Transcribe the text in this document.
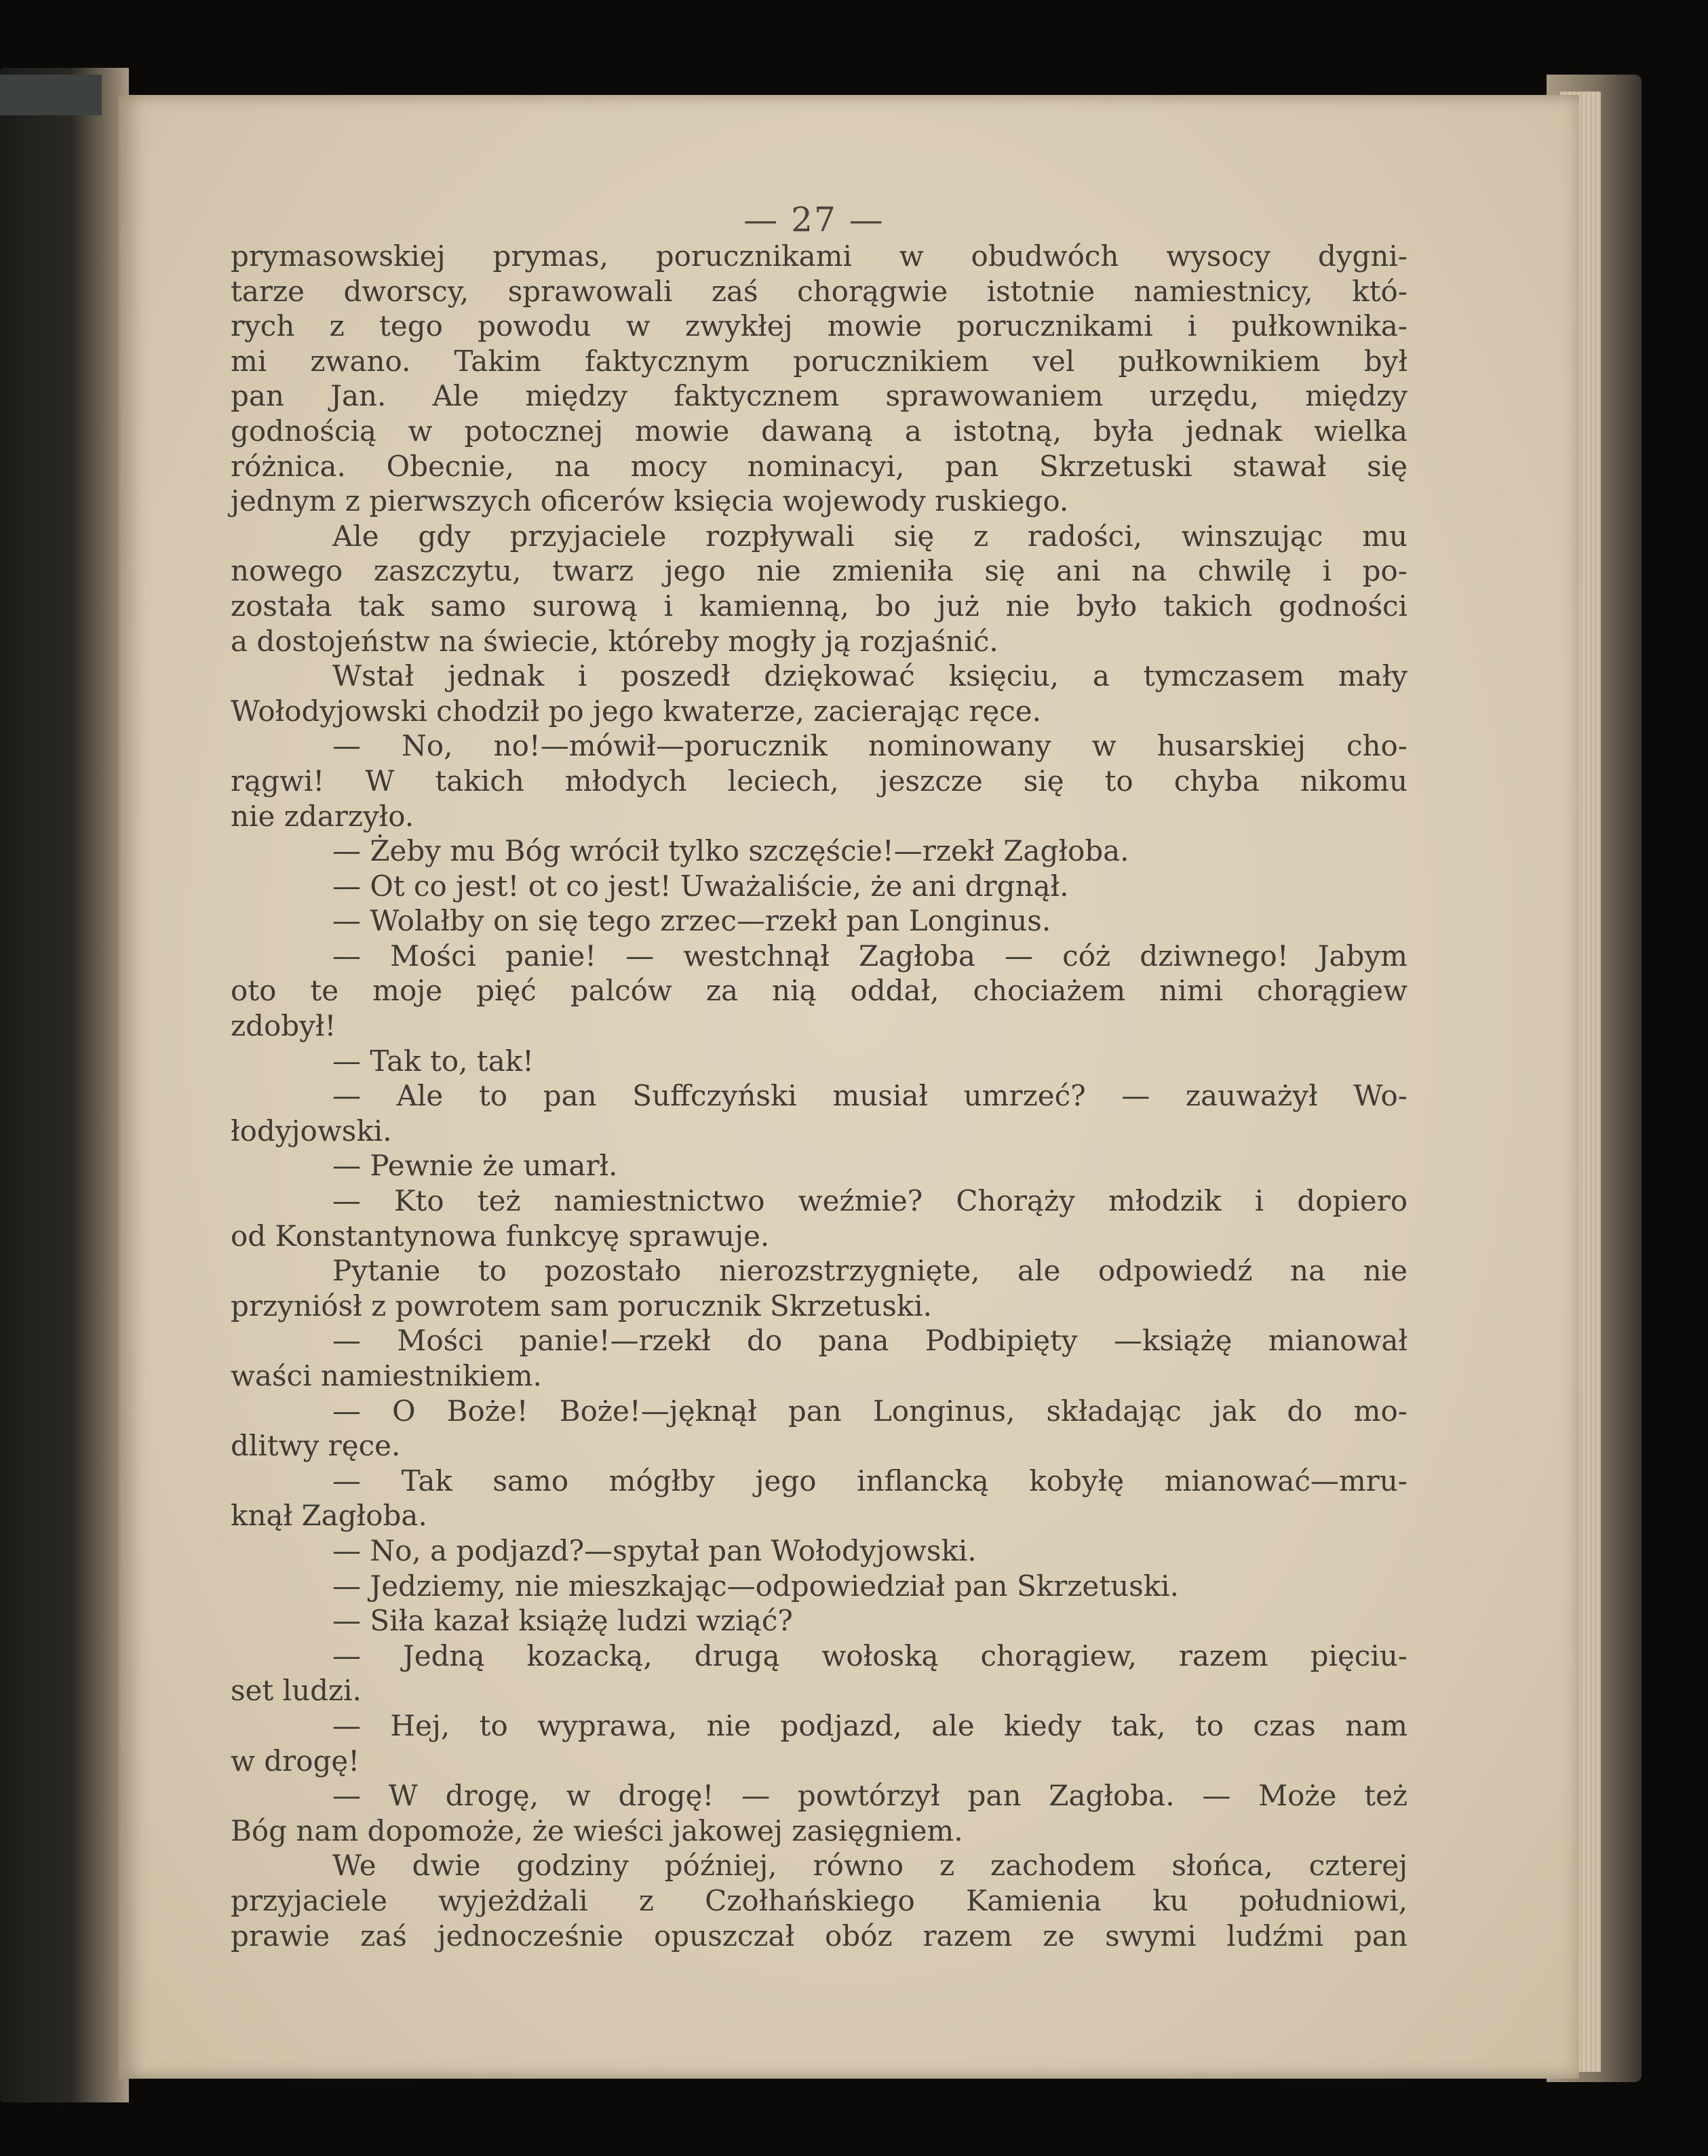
— 27 —
prymasowskiej prymas, porucznikami w obudwóch wysocy dygni-
tarze dworscy, sprawowali zaś chorągwie istotnie namiestnicy, któ-
rych z tego powodu w zwykłej mowie porucznikami i pułkownika-
mi zwano. Takim faktycznym porucznikiem vel pułkownikiem był
pan Jan. Ale między faktycznem sprawowaniem urzędu, między
godnością w potocznej mowie dawaną a istotną, była jednak wielka
różnica. Obecnie, na mocy nominacyi, pan Skrzetuski stawał się
jednym z pierwszych oficerów księcia wojewody ruskiego.
Ale gdy przyjaciele rozpływali się z radości, winszując mu
nowego zaszczytu, twarz jego nie zmieniła się ani na chwilę i po-
została tak samo surową i kamienną, bo już nie było takich godności
a dostojeństw na świecie, któreby mogły ją rozjaśnić.
Wstał jednak i poszedł dziękować księciu, a tymczasem mały
Wołodyjowski chodził po jego kwaterze, zacierając ręce.
— No, no!—mówił—porucznik nominowany w husarskiej cho-
rągwi! W takich młodych leciech, jeszcze się to chyba nikomu
nie zdarzyło.
— Żeby mu Bóg wrócił tylko szczęście!—rzekł Zagłoba.
— Ot co jest! ot co jest! Uważaliście, że ani drgnął.
— Wolałby on się tego zrzec—rzekł pan Longinus.
— Mości panie! — westchnął Zagłoba — cóż dziwnego! Jabym
oto te moje pięć palców za nią oddał, chociażem nimi chorągiew
zdobył!
— Tak to, tak!
— Ale to pan Suffczyński musiał umrzeć? — zauważył Wo-
łodyjowski.
— Pewnie że umarł.
— Kto też namiestnictwo weźmie? Chorąży młodzik i dopiero
od Konstantynowa funkcyę sprawuje.
Pytanie to pozostało nierozstrzygnięte, ale odpowiedź na nie
przyniósł z powrotem sam porucznik Skrzetuski.
— Mości panie!—rzekł do pana Podbipięty —książę mianował
waści namiestnikiem.
— O Boże! Boże!—jęknął pan Longinus, składając jak do mo-
dlitwy ręce.
— Tak samo mógłby jego inflancką kobyłę mianować—mru-
knął Zagłoba.
— No, a podjazd?—spytał pan Wołodyjowski.
— Jedziemy, nie mieszkając—odpowiedział pan Skrzetuski.
— Siła kazał książę ludzi wziąć?
— Jedną kozacką, drugą wołoską chorągiew, razem pięciu-
set ludzi.
— Hej, to wyprawa, nie podjazd, ale kiedy tak, to czas nam
w drogę!
— W drogę, w drogę! — powtórzył pan Zagłoba. — Może też
Bóg nam dopomoże, że wieści jakowej zasięgniem.
We dwie godziny później, równo z zachodem słońca, czterej
przyjaciele wyjeżdżali z Czołhańskiego Kamienia ku południowi,
prawie zaś jednocześnie opuszczał obóz razem ze swymi ludźmi pan
